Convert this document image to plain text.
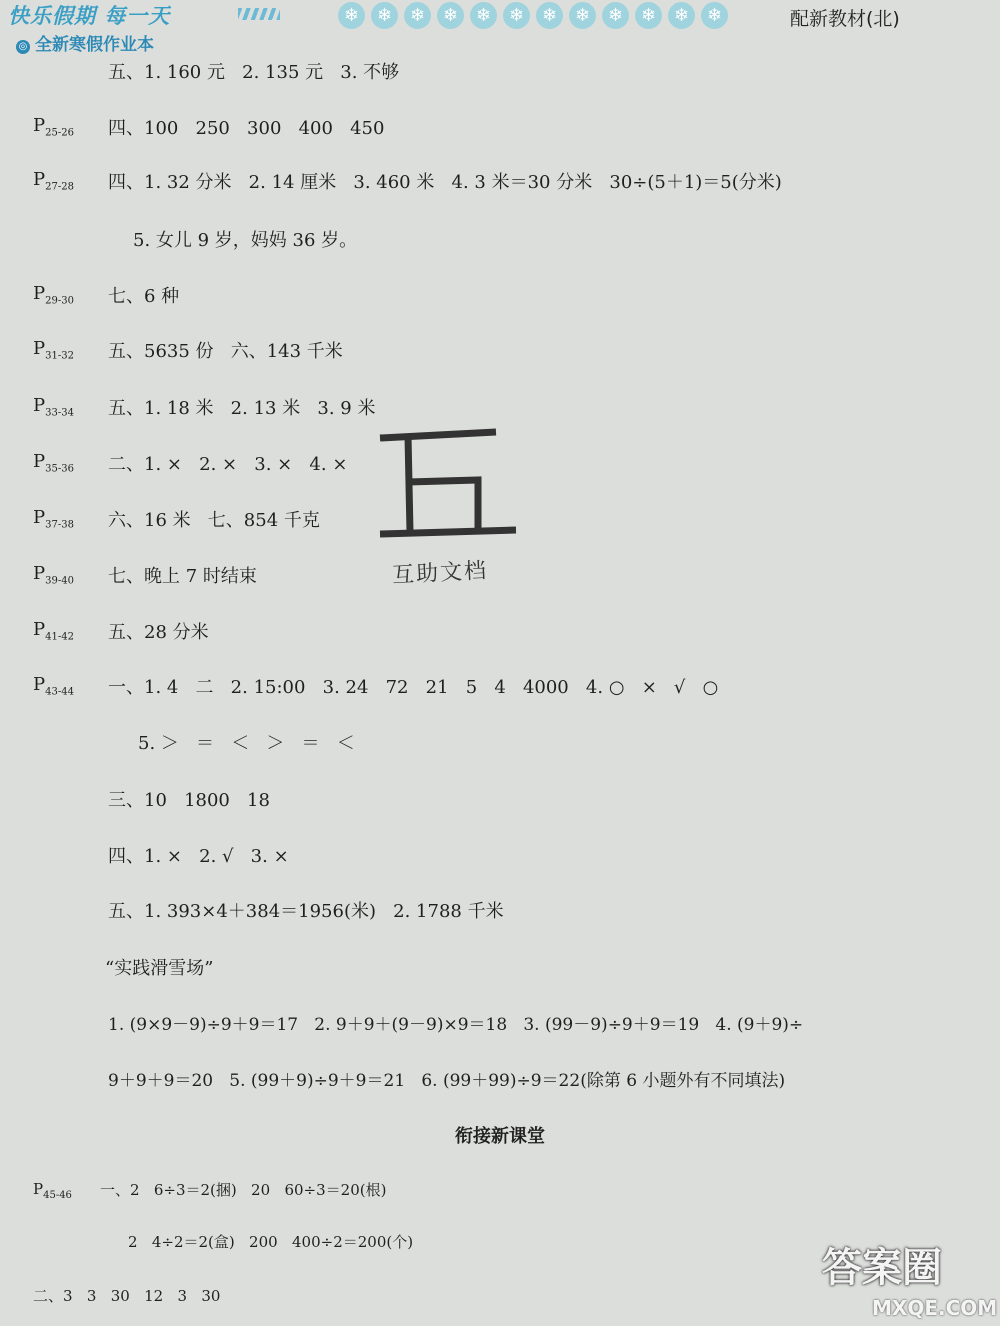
快乐假期 每一天
◎ 全新寒假作业本
❄ ❄ ❄ ❄ ❄ ❄ ❄ ❄ ❄ ❄ ❄ ❄	配新教材(北)
五、1. 160 元   2. 135 元   3. 不够
$P_{25-26}$ 四、100   250   300   400   450
$P_{27-28}$ 四、1. 32 分米   2. 14 厘米   3. 460 米   4. 3 米＝30 分米   30÷(5＋1)＝5(分米)
5. 女儿 9 岁，妈妈 36 岁。
$P_{29-30}$ 七、6 种
$P_{31-32}$ 五、5635 份   六、143 千米
$P_{33-34}$ 五、1. 18 米   2. 13 米   3. 9 米
$P_{35-36}$ 二、1. ×   2. ×   3. ×   4. ×
$P_{37-38}$ 六、16 米   七、854 千克
$P_{39-40}$ 七、晚上 7 时结束
$P_{41-42}$ 五、28 分米
$P_{43-44}$ 一、1. 4   二   2. 15:00   3. 24   72   21   5   4   4000   4. ○   ×   √   ○
5. ＞   ＝   ＜   ＞   ＝   ＜
三、10   1800   18
四、1. ×   2. √   3. ×
五、1. 393×4＋384＝1956(米)   2. 1788 千米
“实践滑雪场”
1. (9×9－9)÷9＋9＝17   2. 9＋9＋(9－9)×9＝18   3. (99－9)÷9＋9＝19   4. (9＋9)÷
9＋9＋9＝20   5. (99＋9)÷9＋9＝21   6. (99＋99)÷9＝22(除第 6 小题外有不同填法)
衔接新课堂
$P_{45-46}$ 一、2   6÷3＝2(捆)   20   60÷3＝20(根)
2   4÷2＝2(盒)   200   400÷2＝200(个)
二、3   3   30   12   3   30
互助文档
答案圈
MXQE.COM
